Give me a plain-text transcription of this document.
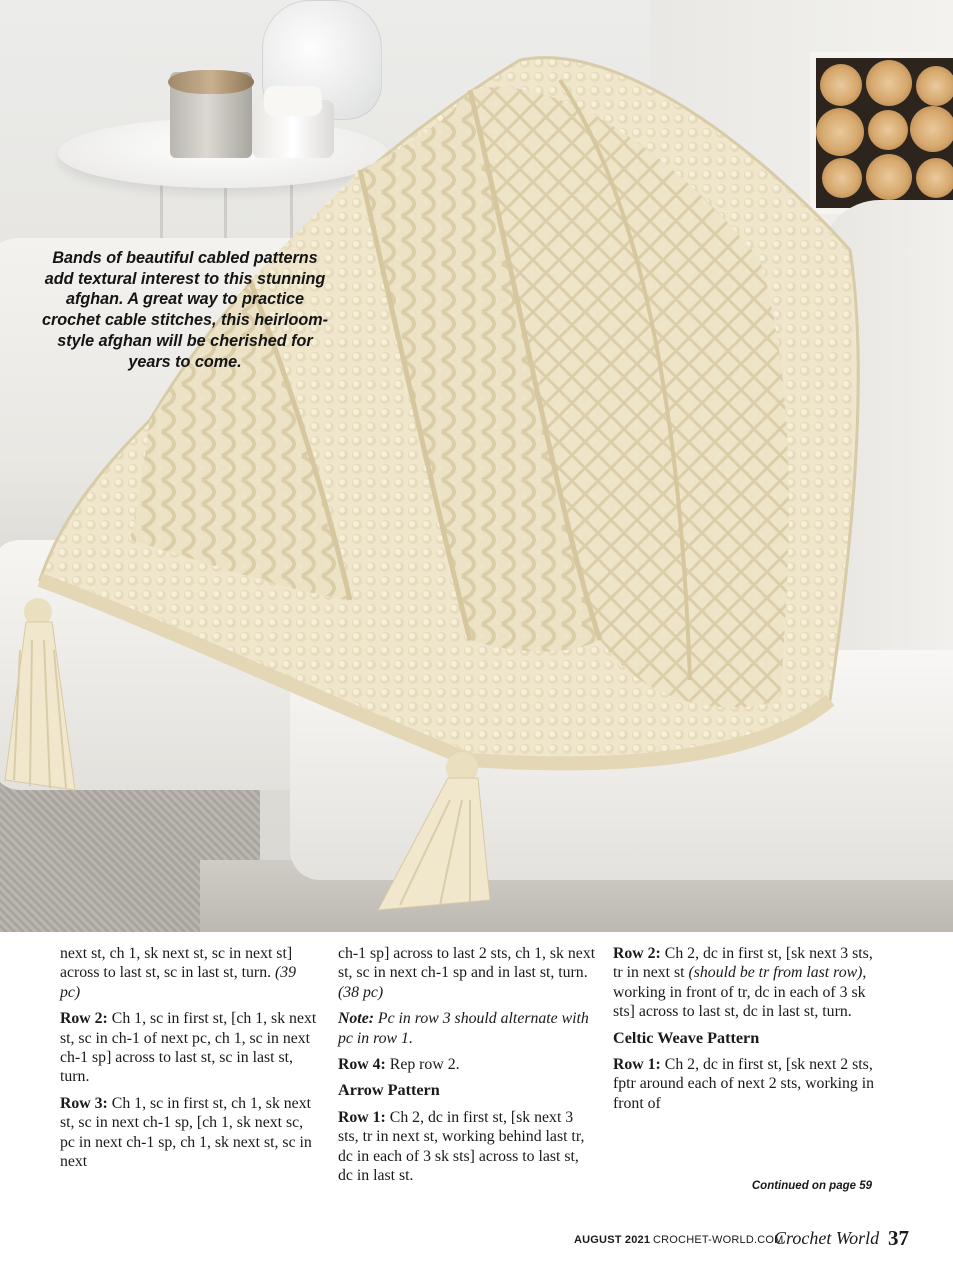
Bands of beautiful cabled patterns add textural interest to this stunning afghan. A great way to practice crochet cable stitches, this heirloom-style afghan will be cherished for years to come.

next st, ch 1, sk next st, sc in next st] across to last st, sc in last st, turn. (39 pc)

Row 2: Ch 1, sc in first st, [ch 1, sk next st, sc in ch-1 of next pc, ch 1, sc in next ch-1 sp] across to last st, sc in last st, turn.

Row 3: Ch 1, sc in first st, ch 1, sk next st, sc in next ch-1 sp, [ch 1, sk next sc, pc in next ch-1 sp, ch 1, sk next st, sc in next

ch-1 sp] across to last 2 sts, ch 1, sk next st, sc in next ch-1 sp and in last st, turn. (38 pc)

Note: Pc in row 3 should alternate with pc in row 1.

Row 4: Rep row 2.

Arrow Pattern

Row 1: Ch 2, dc in first st, [sk next 3 sts, tr in next st, working behind last tr, dc in each of 3 sk sts] across to last st, dc in last st.

Row 2: Ch 2, dc in first st, [sk next 3 sts, tr in next st (should be tr from last row), working in front of tr, dc in each of 3 sk sts] across to last st, dc in last st, turn.

Celtic Weave Pattern

Row 1: Ch 2, dc in first st, [sk next 2 sts, fptr around each of next 2 sts, working in front of

Continued on page 59
AUGUST 2021 CROCHET-WORLD.COM
Crochet World 37
